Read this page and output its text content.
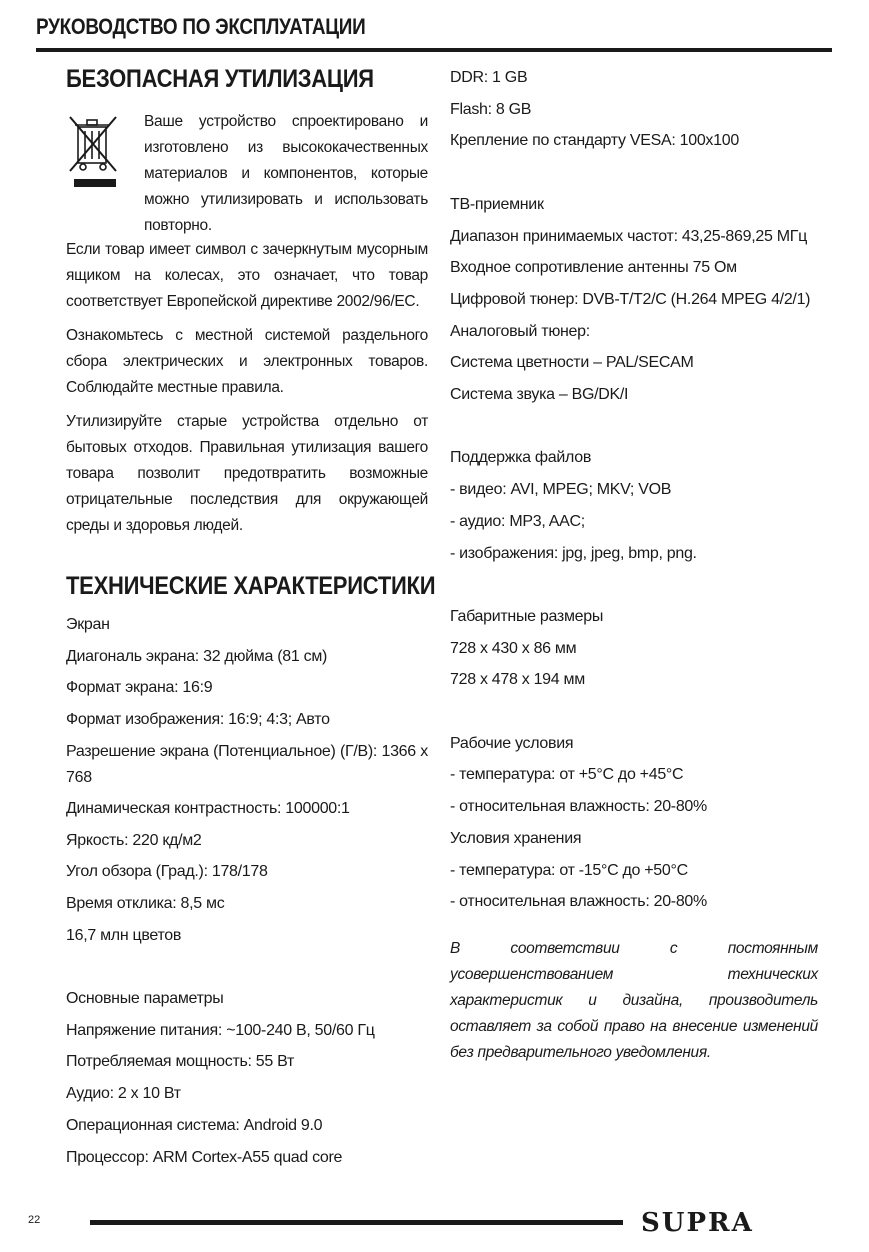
РУКОВОДСТВО ПО ЭКСПЛУАТАЦИИ
БЕЗОПАСНАЯ УТИЛИЗАЦИЯ
Ваше устройство спроектировано и изготовлено из высококачественных материалов и компонентов, которые можно утилизировать и использовать повторно.

Если товар имеет символ с зачеркнутым мусорным ящиком на колесах, это означает, что товар соответствует Европейской директиве 2002/96/EC.

Ознакомьтесь с местной системой раздельного сбора электрических и электронных товаров. Соблюдайте местные правила.

Утилизируйте старые устройства отдельно от бытовых отходов. Правильная утилизация вашего товара позволит предотвратить возможные отрицательные последствия для окружающей среды и здоровья людей.

ТЕХНИЧЕСКИЕ ХАРАКТЕРИСТИКИ
Экран
Диагональ экрана: 32 дюйма (81 см)
Формат экрана: 16:9
Формат изображения: 16:9; 4:3; Авто
Разрешение экрана (Потенциальное) (Г/В): 1366 x 768
Динамическая контрастность: 100000:1
Яркость: 220 кд/м2
Угол обзора (Град.): 178/178
Время отклика: 8,5 мс
16,7 млн цветов
Основные параметры
Напряжение питания: ~100-240 В, 50/60 Гц
Потребляемая мощность: 55 Вт
Аудио: 2 x 10 Вт
Операционная система: Android 9.0
Процессор: ARM Cortex-A55 quad core
DDR: 1 GB
Flash: 8 GB
Крепление по стандарту VESA: 100x100
ТВ-приемник
Диапазон принимаемых частот: 43,25-869,25 МГц
Входное сопротивление антенны 75 Ом
Цифровой тюнер: DVB-T/T2/C (H.264 MPEG 4/2/1)
Аналоговый тюнер:
Система цветности – PAL/SECAM
Система звука – BG/DK/I
Поддержка файлов
- видео: AVI, MPEG; MKV; VOB
- аудио: MP3, AAC;
- изображения: jpg, jpeg, bmp, png.
Габаритные размеры
728 x 430 x 86 мм
728 x 478 x 194 мм
Рабочие условия
- температура: от +5°C до +45°C
- относительная влажность: 20-80%
Условия хранения
- температура: от -15°C до +50°C
- относительная влажность: 20-80%
В соответствии с постоянным усовершенствованием технических характеристик и дизайна, производитель оставляет за собой право на внесение изменений без предварительного уведомления.
22	SUPRA
